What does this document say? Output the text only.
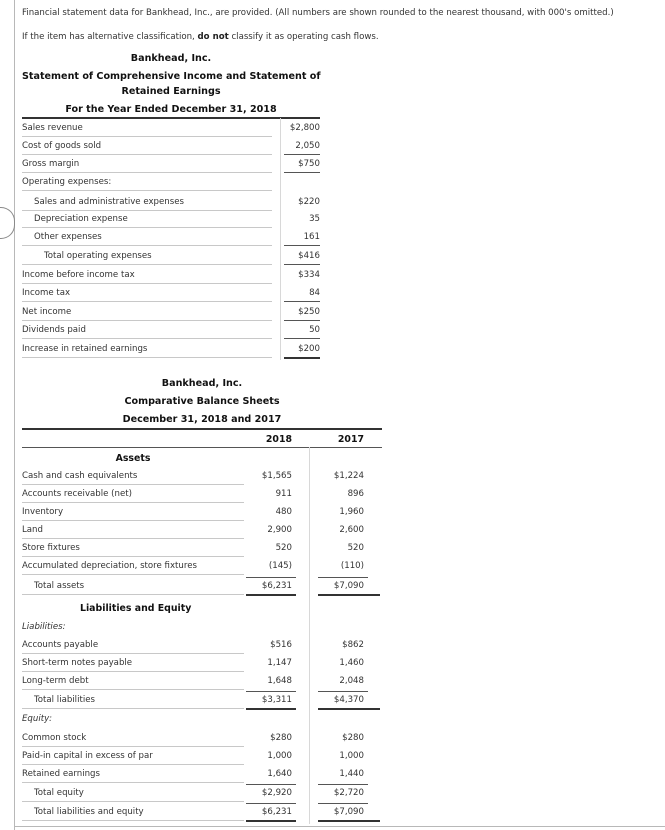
Financial statement data for Bankhead, Inc., are provided. (All numbers are shown rounded to the nearest thousand, with 000's omitted.)
If the item has alternative classification, do not classify it as operating cash flows.
Bankhead, Inc.
Statement of Comprehensive Income and Statement of
Retained Earnings
For the Year Ended December 31, 2018
Sales revenue	$2,800
Cost of goods sold	2,050
Gross margin	$750
Operating expenses:
Sales and administrative expenses	$220
Depreciation expense	35
Other expenses	161
Total operating expenses	$416
Income before income tax	$334
Income tax	84
Net income	$250
Dividends paid	50
Increase in retained earnings	$200
Bankhead, Inc.
Comparative Balance Sheets
December 31, 2018 and 2017
2018	2017
Assets
Cash and cash equivalents	$1,565	$1,224
Accounts receivable (net)	911	896
Inventory	480	1,960
Land	2,900	2,600
Store fixtures	520	520
Accumulated depreciation, store fixtures	(145)	(110)
Total assets	$6,231	$7,090
Liabilities and Equity
Liabilities:
Accounts payable	$516	$862
Short-term notes payable	1,147	1,460
Long-term debt	1,648	2,048
Total liabilities	$3,311	$4,370
Equity:
Common stock	$280	$280
Paid-in capital in excess of par	1,000	1,000
Retained earnings	1,640	1,440
Total equity	$2,920	$2,720
Total liabilities and equity	$6,231	$7,090
